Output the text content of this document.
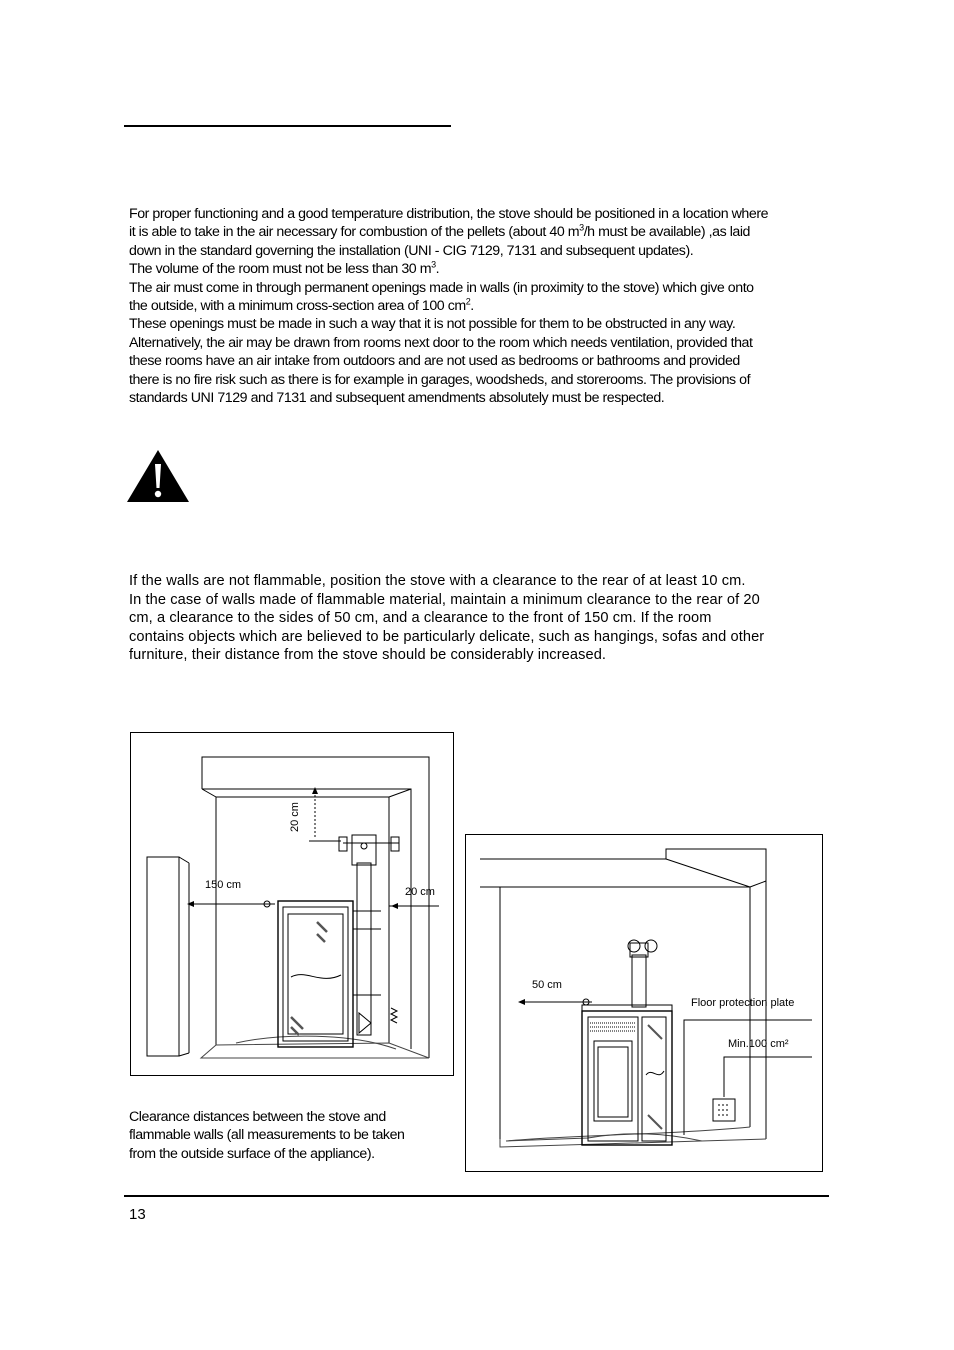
For proper functioning and a good temperature distribution, the stove should be positioned in a location where

it is able to take in the air necessary for combustion of the pellets (about 40 $m^3/h$ must be available) ,as laid

down in the standard governing the installation (UNI - CIG 7129, 7131 and subsequent updates).

The volume of the room must not be less than 30 $m^3$.

The air must come in through permanent openings made in walls (in proximity to the stove) which give onto

the outside, with a minimum cross-section area of 100 $cm^2$.

These openings must be made in such a way that it is not possible for them to be obstructed in any way.

Alternatively, the air may be drawn from rooms next door to the room which needs ventilation, provided that

these rooms have an air intake from outdoors and are not used as bedrooms or bathrooms and provided

there is no fire risk such as there is for example in garages, woodsheds, and storerooms. The provisions of

standards UNI 7129 and 7131 and subsequent amendments absolutely must be respected.

If the walls are not flammable, position the stove with a clearance to the rear of at least 10 cm.

In the case of walls made of flammable material, maintain a minimum clearance to the rear of 20

cm, a clearance to the sides of 50 cm, and a clearance to the front of 150 cm. If the room

contains objects which are believed to be particularly delicate, such as hangings, sofas and other

furniture, their distance from the stove should be considerably increased.

20 cm
150 cm
20 cm
50 cm
Floor protection plate
Min.100 cm²
Clearance distances between the stove and
flammable walls (all measurements to be taken
from the outside surface of the appliance).
13
